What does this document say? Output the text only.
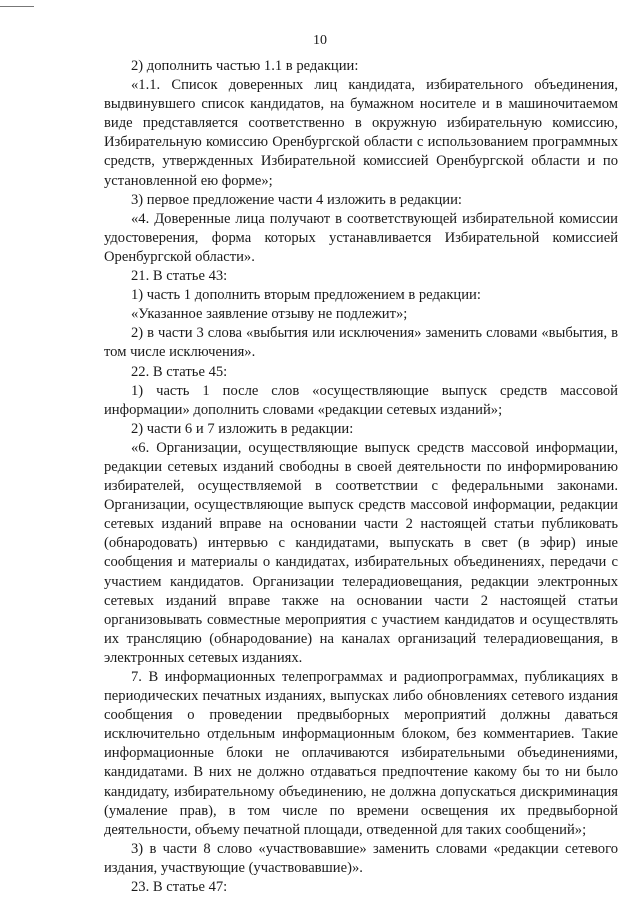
10

2) дополнить частью 1.1 в редакции:

«1.1. Список доверенных лиц кандидата, избирательного объединения, выдвинувшего список кандидатов, на бумажном носителе и в машиночитаемом виде представляется соответственно в окружную избирательную комиссию, Избирательную комиссию Оренбургской области с использованием программных средств, утвержденных Избирательной комиссией Оренбургской области и по установленной ею форме»;

3) первое предложение части 4 изложить в редакции:

«4. Доверенные лица получают в соответствующей избирательной комиссии удостоверения, форма которых устанавливается Избирательной комиссией Оренбургской области».

21. В статье 43:

1) часть 1 дополнить вторым предложением в редакции:

«Указанное заявление отзыву не подлежит»;

2) в части 3 слова «выбытия или исключения» заменить словами «выбытия, в том числе исключения».

22. В статье 45:

1) часть 1 после слов «осуществляющие выпуск средств массовой информации» дополнить словами «редакции сетевых изданий»;

2) части 6 и 7 изложить в редакции:

«6. Организации, осуществляющие выпуск средств массовой информации, редакции сетевых изданий свободны в своей деятельности по информированию избирателей, осуществляемой в соответствии с федеральными законами. Организации, осуществляющие выпуск средств массовой информации, редакции сетевых изданий вправе на основании части 2 настоящей статьи публиковать (обнародовать) интервью с кандидатами, выпускать в свет (в эфир) иные сообщения и материалы о кандидатах, избирательных объединениях, передачи с участием кандидатов. Организации телерадиовещания, редакции электронных сетевых изданий вправе также на основании части 2 настоящей статьи организовывать совместные мероприятия с участием кандидатов и осуществлять их трансляцию (обнародование) на каналах организаций телерадиовещания, в электронных сетевых изданиях.

7. В информационных телепрограммах и радиопрограммах, публикациях в периодических печатных изданиях, выпусках либо обновлениях сетевого издания сообщения о проведении предвыборных мероприятий должны даваться исключительно отдельным информационным блоком, без комментариев. Такие информационные блоки не оплачиваются избирательными объединениями, кандидатами. В них не должно отдаваться предпочтение какому бы то ни было кандидату, избирательному объединению, не должна допускаться дискриминация (умаление прав), в том числе по времени освещения их предвыборной деятельности, объему печатной площади, отведенной для таких сообщений»;

3) в части 8 слово «участвовавшие» заменить словами «редакции сетевого издания, участвующие (участвовавшие)».

23. В статье 47:
